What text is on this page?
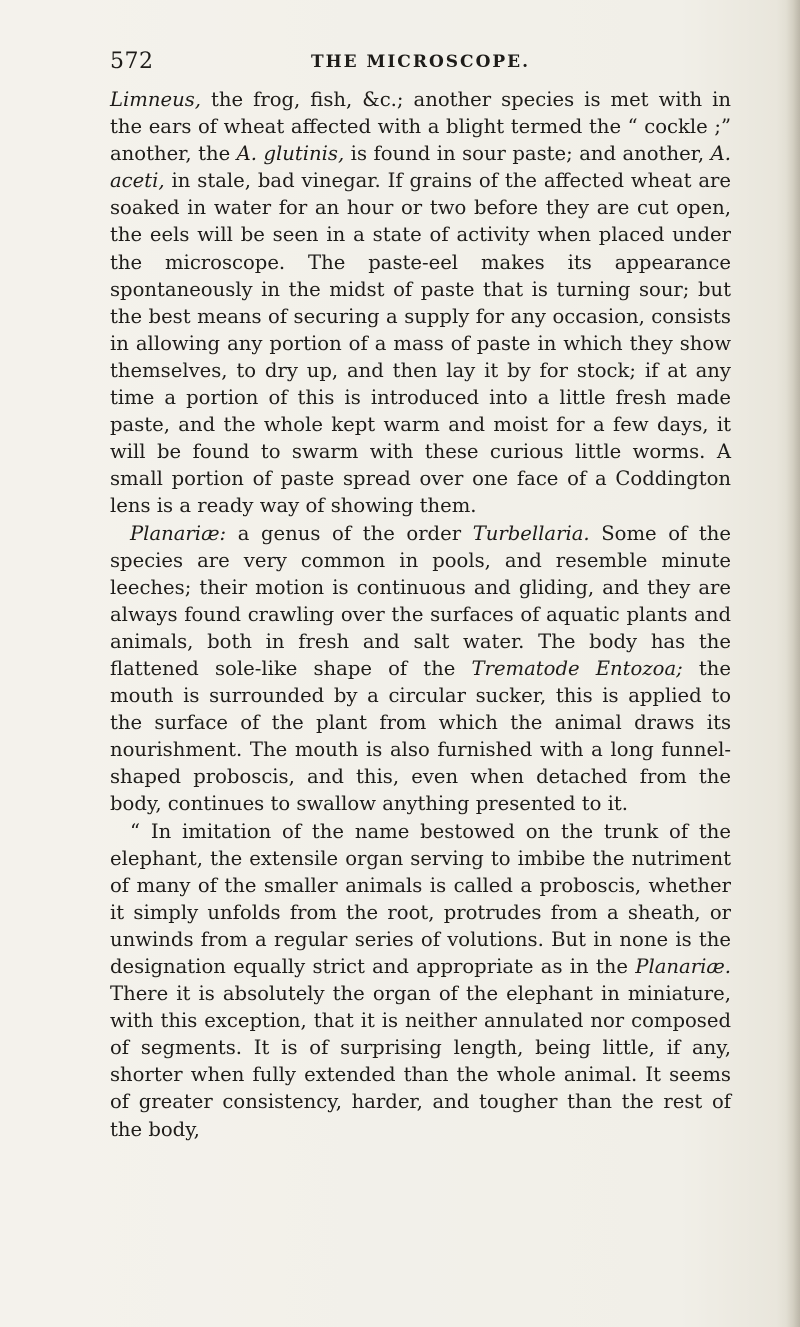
572	THE MICROSCOPE.

Limneus, the frog, fish, &c.; another species is met with in the ears of wheat affected with a blight termed the “ cockle ;” another, the A. glutinis, is found in sour paste; and another, A. aceti, in stale, bad vinegar. If grains of the affected wheat are soaked in water for an hour or two before they are cut open, the eels will be seen in a state of activity when placed under the microscope. The paste-eel makes its appearance spontaneously in the midst of paste that is turning sour; but the best means of securing a supply for any occasion, consists in allowing any portion of a mass of paste in which they show themselves, to dry up, and then lay it by for stock; if at any time a portion of this is introduced into a little fresh made paste, and the whole kept warm and moist for a few days, it will be found to swarm with these curious little worms. A small portion of paste spread over one face of a Coddington lens is a ready way of showing them.

Planariæ: a genus of the order Turbellaria. Some of the species are very common in pools, and resemble minute leeches; their motion is continuous and gliding, and they are always found crawling over the surfaces of aquatic plants and animals, both in fresh and salt water. The body has the flattened sole-like shape of the Trematode Entozoa; the mouth is surrounded by a circular sucker, this is applied to the surface of the plant from which the animal draws its nourishment. The mouth is also furnished with a long funnel-shaped proboscis, and this, even when detached from the body, continues to swallow anything presented to it.

“ In imitation of the name bestowed on the trunk of the elephant, the extensile organ serving to imbibe the nutriment of many of the smaller animals is called a proboscis, whether it simply unfolds from the root, protrudes from a sheath, or unwinds from a regular series of volutions. But in none is the designation equally strict and appropriate as in the Planariæ. There it is absolutely the organ of the elephant in miniature, with this exception, that it is neither annulated nor composed of segments. It is of surprising length, being little, if any, shorter when fully extended than the whole animal. It seems of greater consistency, harder, and tougher than the rest of the body,
